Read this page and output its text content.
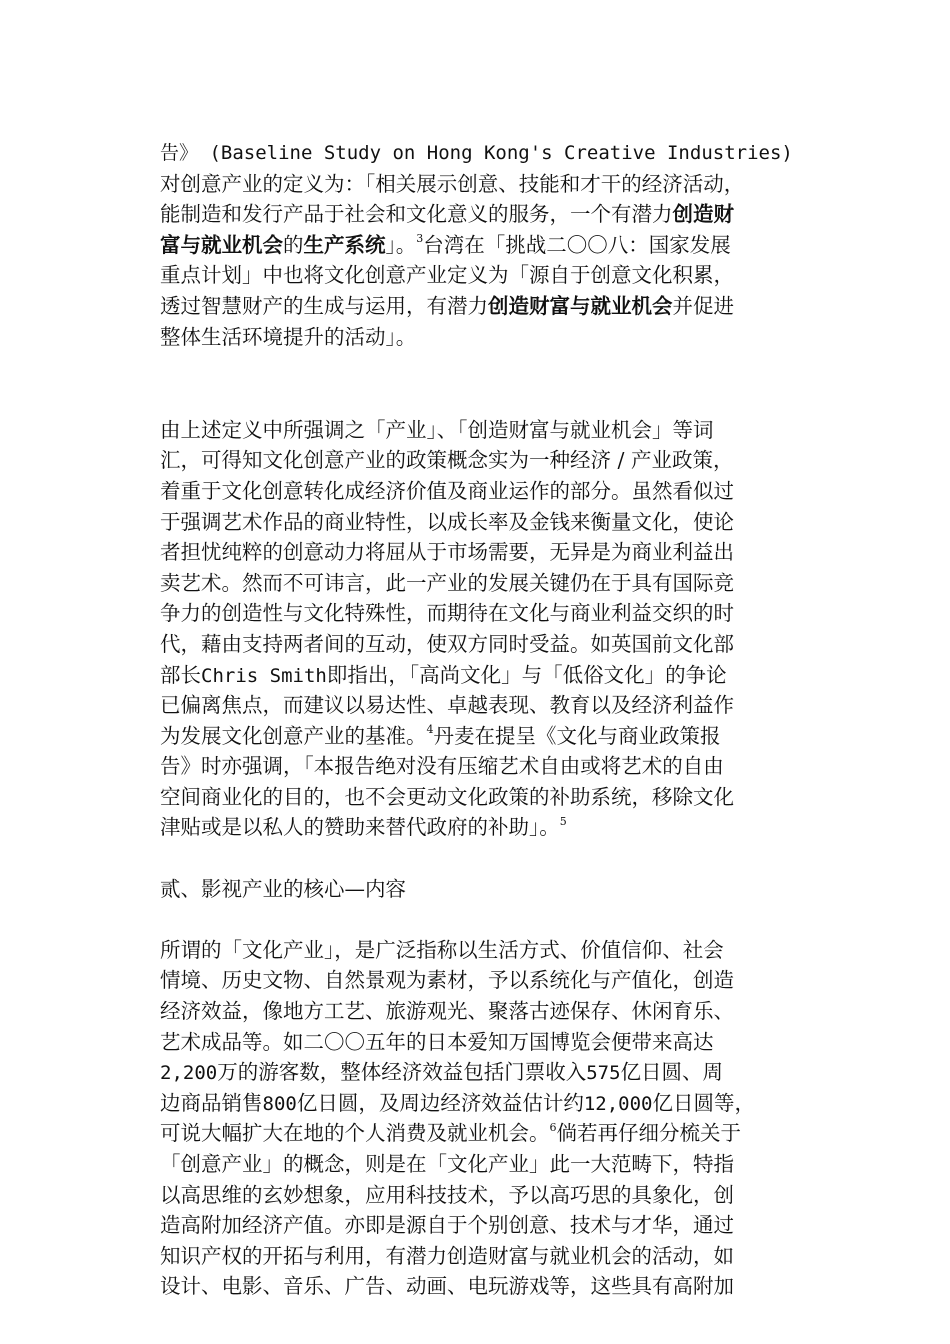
告》 (Baseline Study on Hong Kong's Creative Industries)
对创意产业的定义为：「相关展示创意、技能和才干的经济活动，
能制造和发行产品于社会和文化意义的服务，一个有潜力创造财
富与就业机会的生产系统」。$^3$台湾在「挑战二〇〇八：国家发展
重点计划」中也将文化创意产业定义为「源自于创意文化积累，
透过智慧财产的生成与运用，有潜力创造财富与就业机会并促进
整体生活环境提升的活动」。
由上述定义中所强调之「产业」、「创造财富与就业机会」等词
汇，可得知文化创意产业的政策概念实为一种经济 / 产业政策，
着重于文化创意转化成经济价值及商业运作的部分。虽然看似过
于强调艺术作品的商业特性，以成长率及金钱来衡量文化，使论
者担忧纯粹的创意动力将屈从于市场需要，无异是为商业利益出
卖艺术。然而不可讳言，此一产业的发展关键仍在于具有国际竞
争力的创造性与文化特殊性，而期待在文化与商业利益交织的时
代，藉由支持两者间的互动，使双方同时受益。如英国前文化部
部长Chris Smith即指出，「高尚文化」与「低俗文化」的争论
已偏离焦点，而建议以易达性、卓越表现、教育以及经济利益作
为发展文化创意产业的基准。$^4$丹麦在提呈《文化与商业政策报
告》时亦强调，「本报告绝对没有压缩艺术自由或将艺术的自由
空间商业化的目的，也不会更动文化政策的补助系统，移除文化
津贴或是以私人的赞助来替代政府的补助」。$^5$
贰、影视产业的核心—内容
所谓的「文化产业」，是广泛指称以生活方式、价值信仰、社会
情境、历史文物、自然景观为素材，予以系统化与产值化，创造
经济效益，像地方工艺、旅游观光、聚落古迹保存、休闲育乐、
艺术成品等。如二〇〇五年的日本爱知万国博览会便带来高达
2,200万的游客数，整体经济效益包括门票收入575亿日圆、周
边商品销售800亿日圆，及周边经济效益估计约12,000亿日圆等，
可说大幅扩大在地的个人消费及就业机会。$^6$倘若再仔细分梳关于
「创意产业」的概念，则是在「文化产业」此一大范畴下，特指
以高思维的玄妙想象，应用科技技术，予以高巧思的具象化，创
造高附加经济产值。亦即是源自于个别创意、技术与才华，通过
知识产权的开拓与利用，有潜力创造财富与就业机会的活动，如
设计、电影、音乐、广告、动画、电玩游戏等，这些具有高附加
